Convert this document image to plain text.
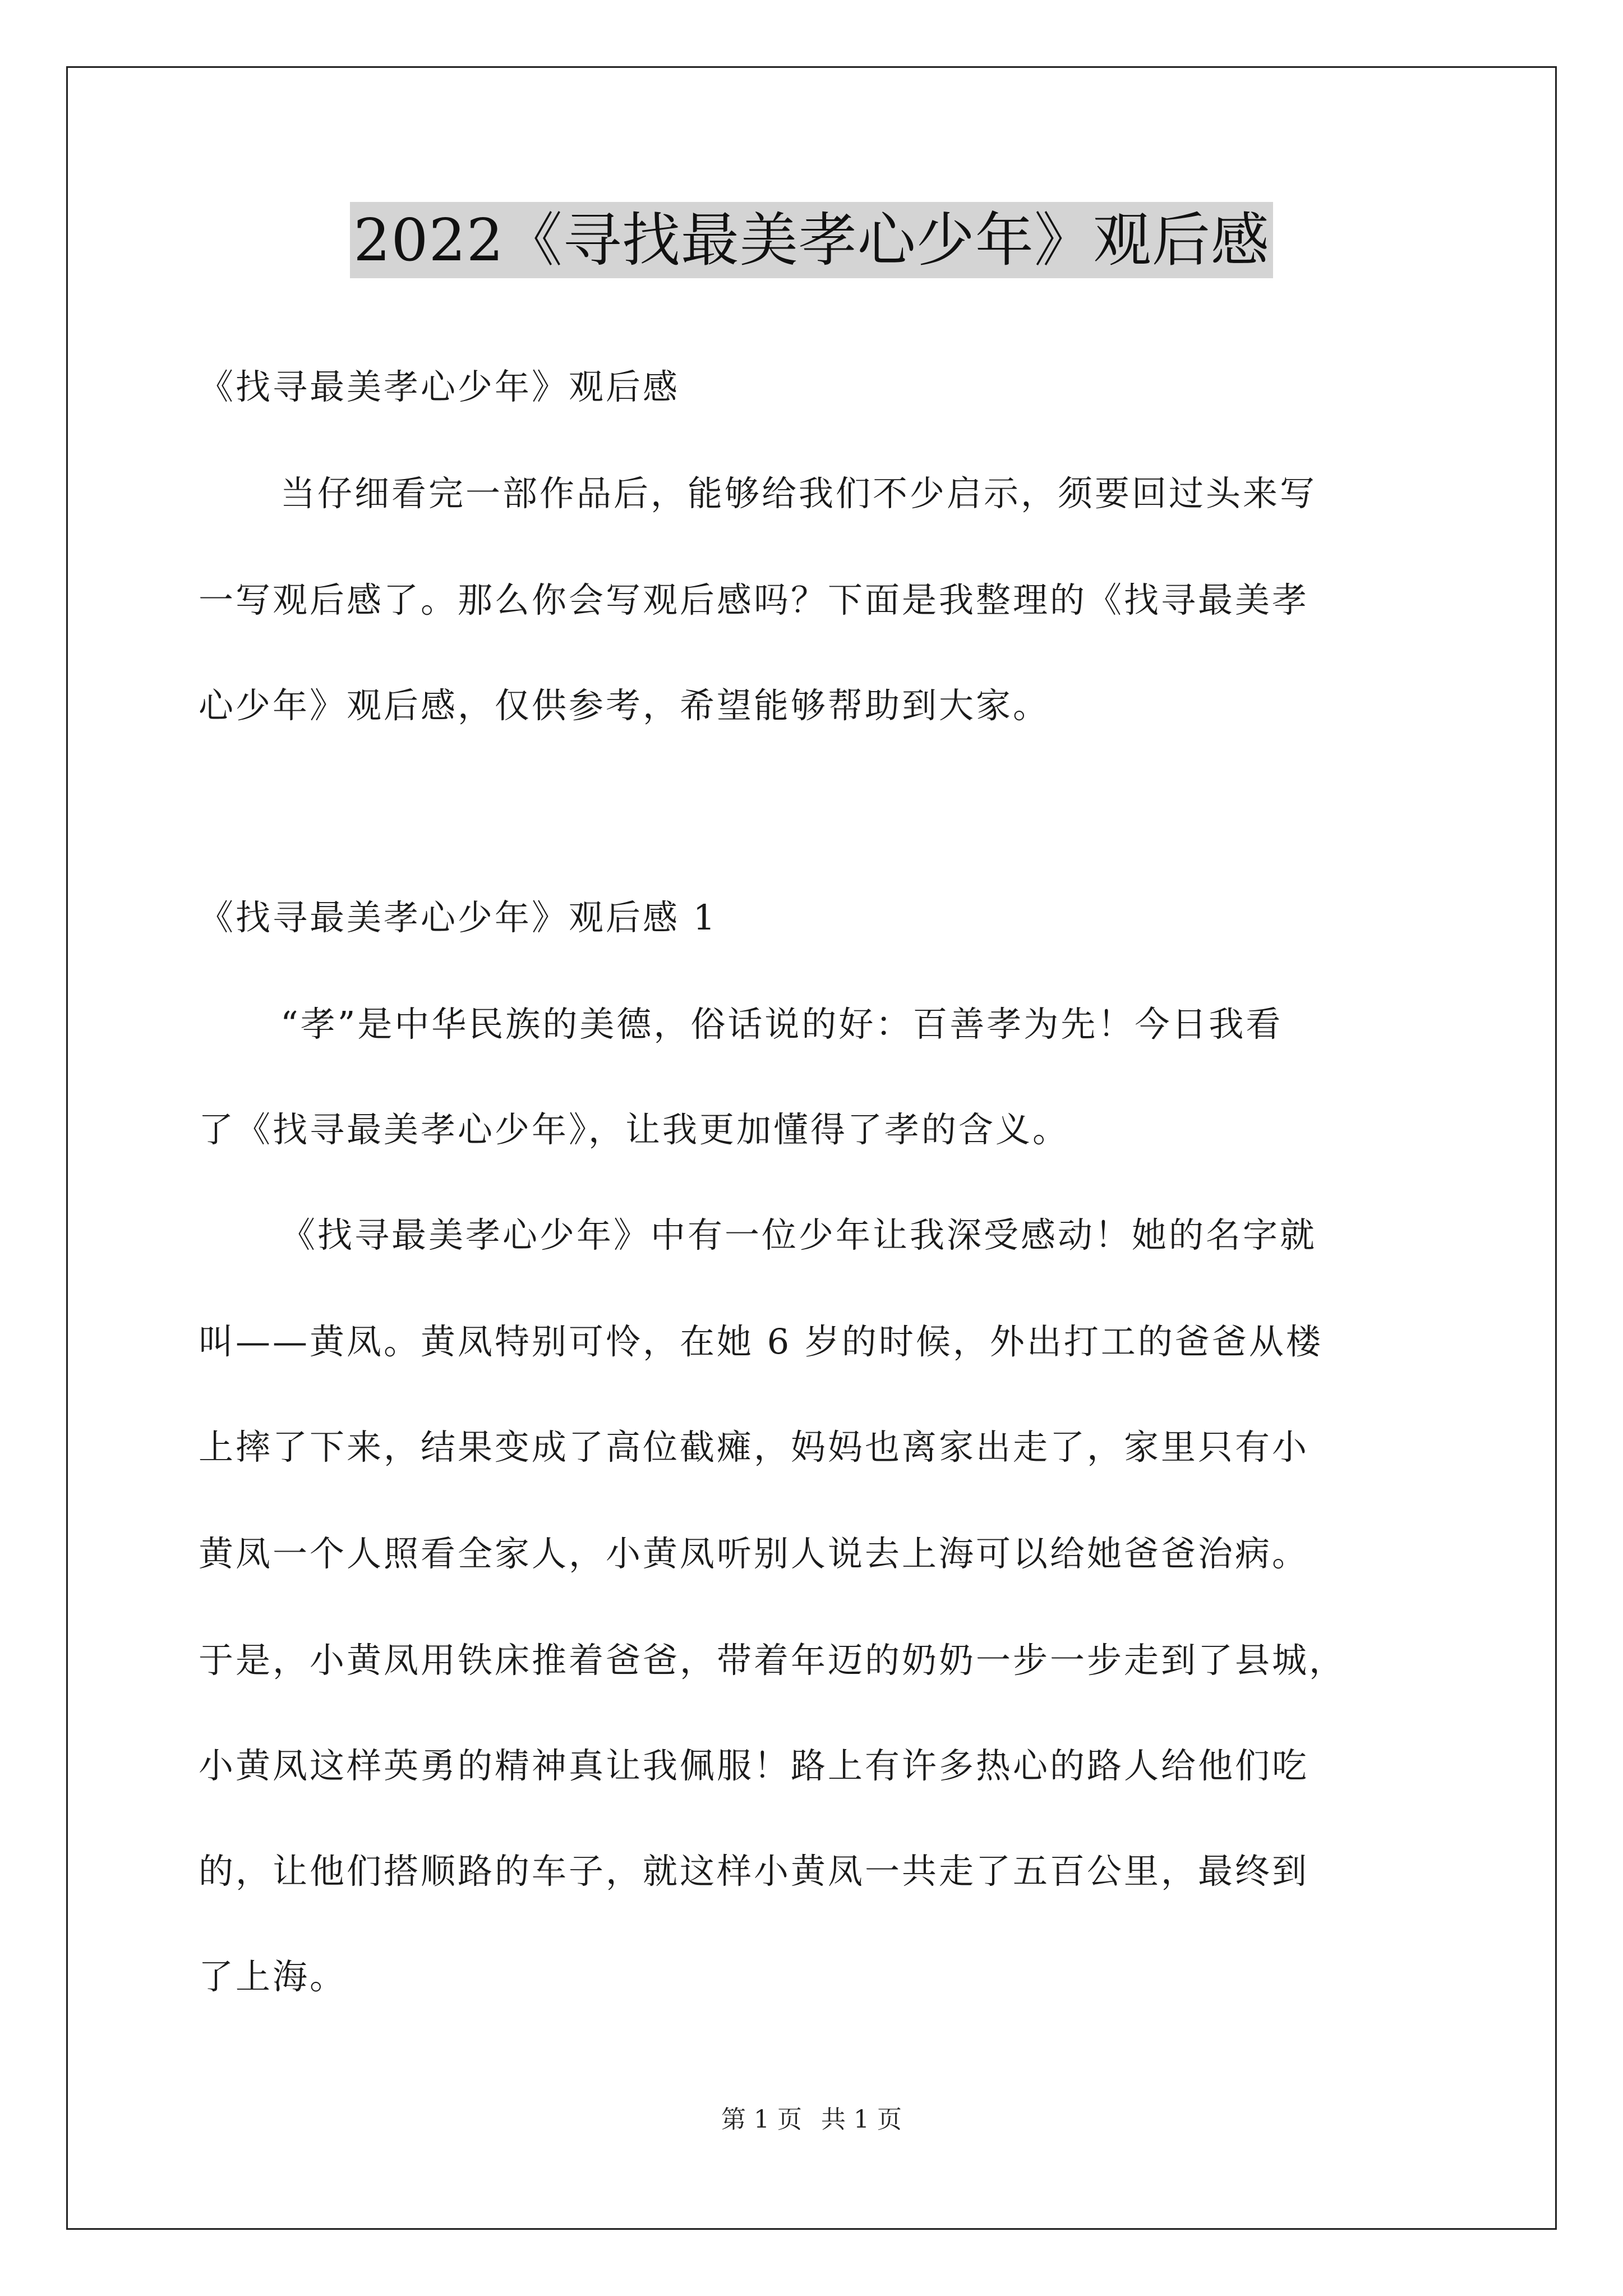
2022《寻找最美孝心少年》观后感
《找寻最美孝心少年》观后感
当仔细看完一部作品后，能够给我们不少启示，须要回过头来写
一写观后感了。那么你会写观后感吗？下面是我整理的《找寻最美孝
心少年》观后感，仅供参考，希望能够帮助到大家。
《找寻最美孝心少年》观后感 1
“孝”是中华民族的美德，俗话说的好：百善孝为先！今日我看
了《找寻最美孝心少年》，让我更加懂得了孝的含义。
《找寻最美孝心少年》中有一位少年让我深受感动！她的名字就
叫——黄凤。黄凤特别可怜，在她 6 岁的时候，外出打工的爸爸从楼
上摔了下来，结果变成了高位截瘫，妈妈也离家出走了，家里只有小
黄凤一个人照看全家人，小黄凤听别人说去上海可以给她爸爸治病。
于是，小黄凤用铁床推着爸爸，带着年迈的奶奶一步一步走到了县城，
小黄凤这样英勇的精神真让我佩服！路上有许多热心的路人给他们吃
的，让他们搭顺路的车子，就这样小黄凤一共走了五百公里，最终到
了上海。
第 1 页 共 1 页
